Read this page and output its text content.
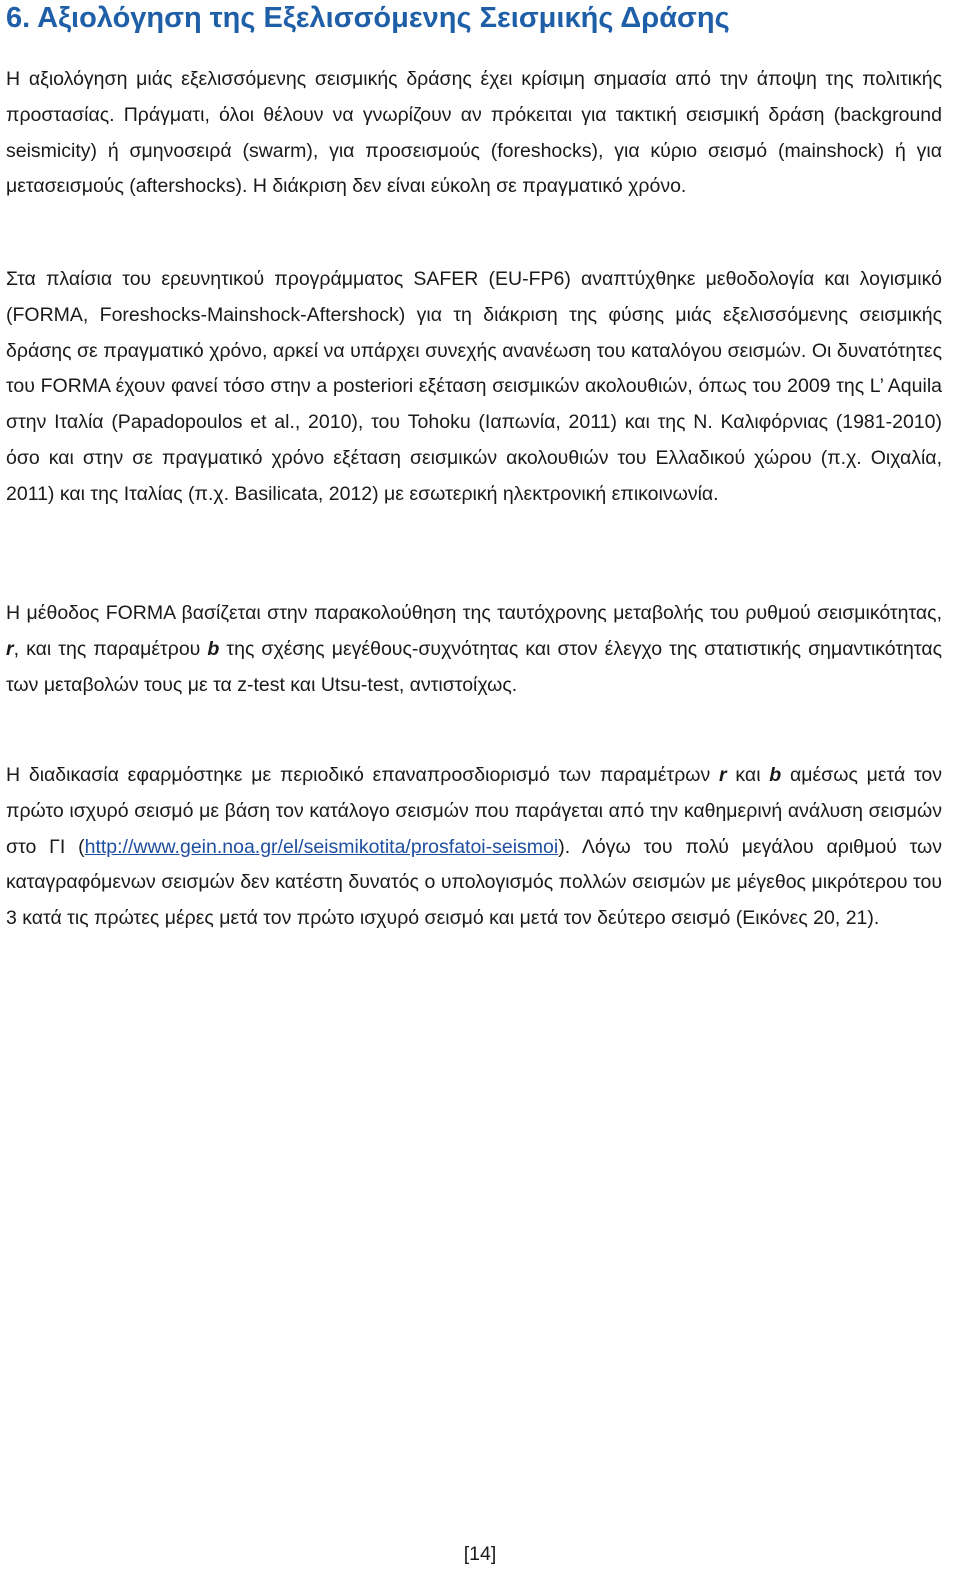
6. Αξιολόγηση της Εξελισσόμενης Σεισμικής Δράσης

Η αξιολόγηση μιάς εξελισσόμενης σεισμικής δράσης έχει κρίσιμη σημασία από την άποψη της πολιτικής προστασίας. Πράγματι, όλοι θέλουν να γνωρίζουν αν πρόκειται για τακτική σεισμική δράση (background seismicity) ή σμηνοσειρά (swarm), για προσεισμούς (foreshocks), για κύριο σεισμό (mainshock) ή για μετασεισμούς (aftershocks). Η διάκριση δεν είναι εύκολη σε πραγματικό χρόνο.

Στα πλαίσια του ερευνητικού προγράμματος SAFER (EU-FP6) αναπτύχθηκε μεθοδολογία και λογισμικό (FORMA, Foreshocks-Mainshock-Aftershock) για τη διάκριση της φύσης μιάς εξελισσόμενης σεισμικής δράσης σε πραγματικό χρόνο, αρκεί να υπάρχει συνεχής ανανέωση του καταλόγου σεισμών. Οι δυνατότητες του FORMA έχουν φανεί τόσο στην a posteriori εξέταση σεισμικών ακολουθιών, όπως του 2009 της L’ Aquila στην Ιταλία (Papadopoulos et al., 2010), του Tohoku (Ιαπωνία, 2011) και της Ν. Καλιφόρνιας (1981-2010) όσο και στην σε πραγματικό χρόνο εξέταση σεισμικών ακολουθιών του Ελλαδικού χώρου (π.χ. Οιχαλία, 2011) και της Ιταλίας (π.χ. Basilicata, 2012) με εσωτερική ηλεκτρονική επικοινωνία.

Η μέθοδος FORMA βασίζεται στην παρακολούθηση της ταυτόχρονης μεταβολής του ρυθμού σεισμικότητας, r, και της παραμέτρου b της σχέσης μεγέθους-συχνότητας και στον έλεγχο της στατιστικής σημαντικότητας των μεταβολών τους με τα z-test και Utsu-test, αντιστοίχως.

Η διαδικασία εφαρμόστηκε με περιοδικό επαναπροσδιορισμό των παραμέτρων r και b αμέσως μετά τον πρώτο ισχυρό σεισμό με βάση τον κατάλογο σεισμών που παράγεται από την καθημερινή ανάλυση σεισμών στο ΓΙ (http://www.gein.noa.gr/el/seismikotita/prosfatoi-seismoi). Λόγω του πολύ μεγάλου αριθμού των καταγραφόμενων σεισμών δεν κατέστη δυνατός ο υπολογισμός πολλών σεισμών με μέγεθος μικρότερου του 3 κατά τις πρώτες μέρες μετά τον πρώτο ισχυρό σεισμό και μετά τον δεύτερο σεισμό (Εικόνες 20, 21).

[14]
